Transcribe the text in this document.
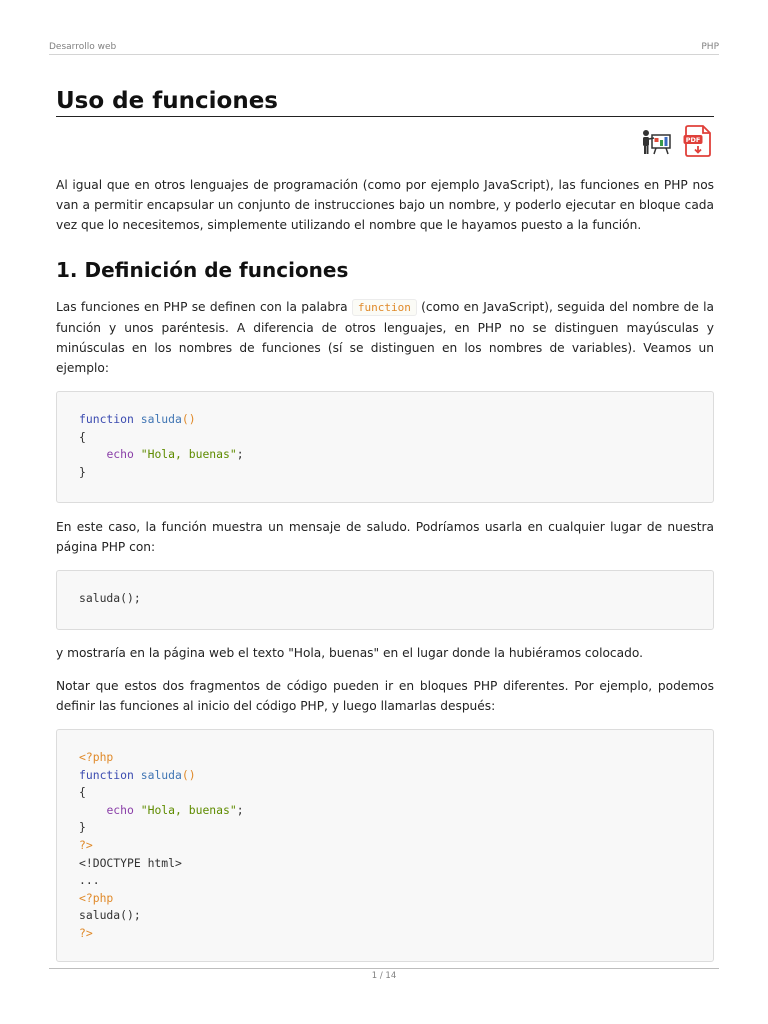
Desarrollo web	PHP
Uso de funciones
PDF

Al igual que en otros lenguajes de programación (como por ejemplo JavaScript), las funciones en PHP nos van a permitir encapsular un conjunto de instrucciones bajo un nombre, y poderlo ejecutar en bloque cada vez que lo necesitemos, simplemente utilizando el nombre que le hayamos puesto a la función.

1. Definición de funciones

Las funciones en PHP se definen con la palabra function (como en JavaScript), seguida del nombre de la función y unos paréntesis. A diferencia de otros lenguajes, en PHP no se distinguen mayúsculas y minúsculas en los nombres de funciones (sí se distinguen en los nombres de variables). Veamos un ejemplo:

function saluda()
{
echo "Hola, buenas";
}

En este caso, la función muestra un mensaje de saludo. Podríamos usarla en cualquier lugar de nuestra página PHP con:

saluda();

y mostraría en la página web el texto "Hola, buenas" en el lugar donde la hubiéramos colocado.

Notar que estos dos fragmentos de código pueden ir en bloques PHP diferentes. Por ejemplo, podemos definir las funciones al inicio del código PHP, y luego llamarlas después:

<?php
function saluda()
{
echo "Hola, buenas";
}
?>
<!DOCTYPE html>
...
<?php
saluda();
?>
1 / 14
